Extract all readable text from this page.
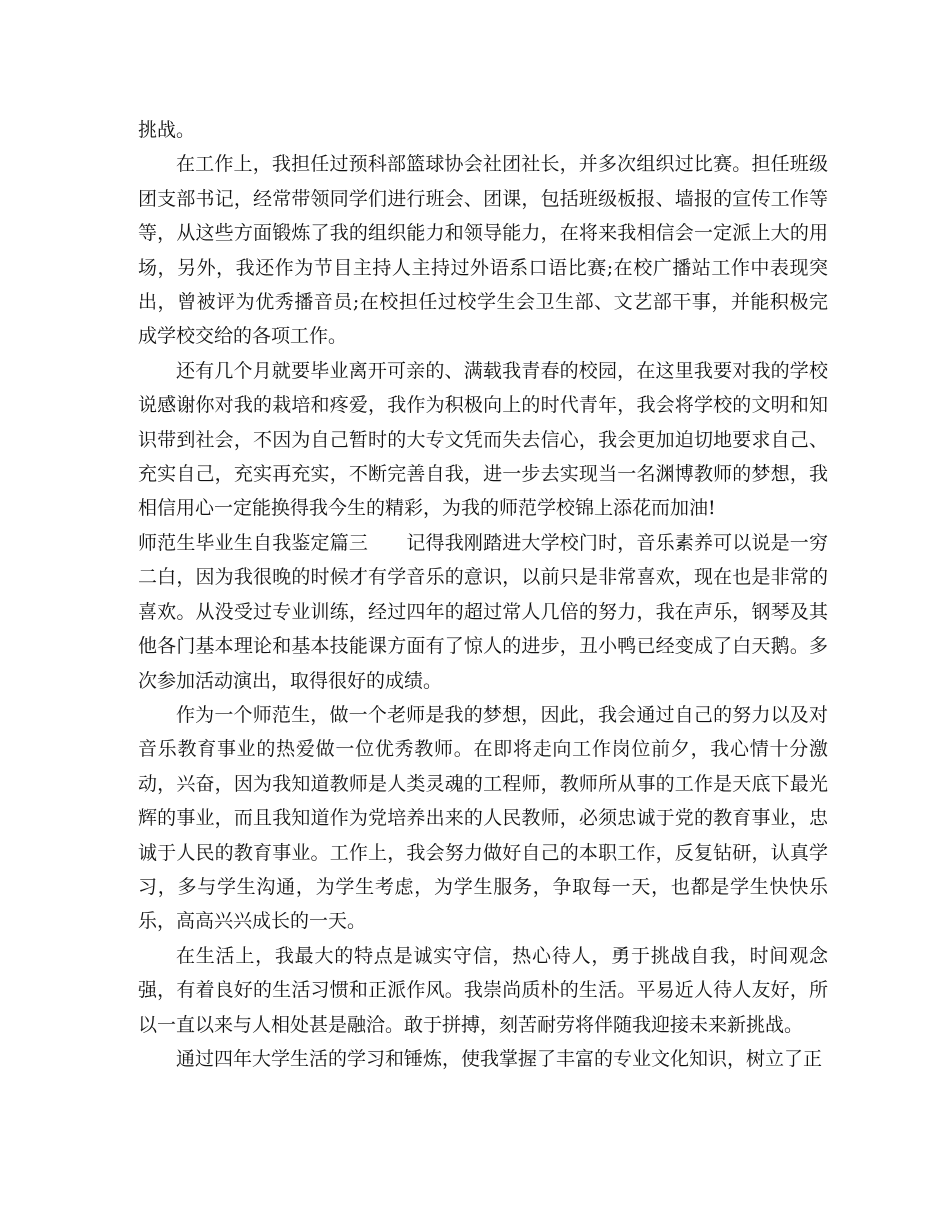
挑战。

在工作上，我担任过预科部篮球协会社团社长，并多次组织过比赛。担任班级团支部书记，经常带领同学们进行班会、团课，包括班级板报、墙报的宣传工作等等，从这些方面锻炼了我的组织能力和领导能力，在将来我相信会一定派上大的用场，另外，我还作为节目主持人主持过外语系口语比赛;在校广播站工作中表现突出，曾被评为优秀播音员;在校担任过校学生会卫生部、文艺部干事，并能积极完成学校交给的各项工作。

还有几个月就要毕业离开可亲的、满载我青春的校园，在这里我要对我的学校说感谢你对我的栽培和疼爱，我作为积极向上的时代青年，我会将学校的文明和知识带到社会，不因为自己暂时的大专文凭而失去信心，我会更加迫切地要求自己、充实自己，充实再充实，不断完善自我，进一步去实现当一名渊博教师的梦想，我相信用心一定能换得我今生的精彩，为我的师范学校锦上添花而加油!

师范生毕业生自我鉴定篇三　　 记得我刚踏进大学校门时，音乐素养可以说是一穷二白，因为我很晚的时候才有学音乐的意识，以前只是非常喜欢，现在也是非常的喜欢。从没受过专业训练，经过四年的超过常人几倍的努力，我在声乐，钢琴及其他各门基本理论和基本技能课方面有了惊人的进步，丑小鸭已经变成了白天鹅。多次参加活动演出，取得很好的成绩。

作为一个师范生，做一个老师是我的梦想，因此，我会通过自己的努力以及对音乐教育事业的热爱做一位优秀教师。在即将走向工作岗位前夕，我心情十分激动，兴奋，因为我知道教师是人类灵魂的工程师，教师所从事的工作是天底下最光辉的事业，而且我知道作为党培养出来的人民教师，必须忠诚于党的教育事业，忠诚于人民的教育事业。工作上，我会努力做好自己的本职工作，反复钻研，认真学习，多与学生沟通，为学生考虑，为学生服务，争取每一天，也都是学生快快乐乐，高高兴兴成长的一天。

在生活上，我最大的特点是诚实守信，热心待人，勇于挑战自我，时间观念强，有着良好的生活习惯和正派作风。我崇尚质朴的生活。平易近人待人友好，所以一直以来与人相处甚是融洽。敢于拼搏，刻苦耐劳将伴随我迎接未来新挑战。

通过四年大学生活的学习和锤炼，使我掌握了丰富的专业文化知识，树立了正
